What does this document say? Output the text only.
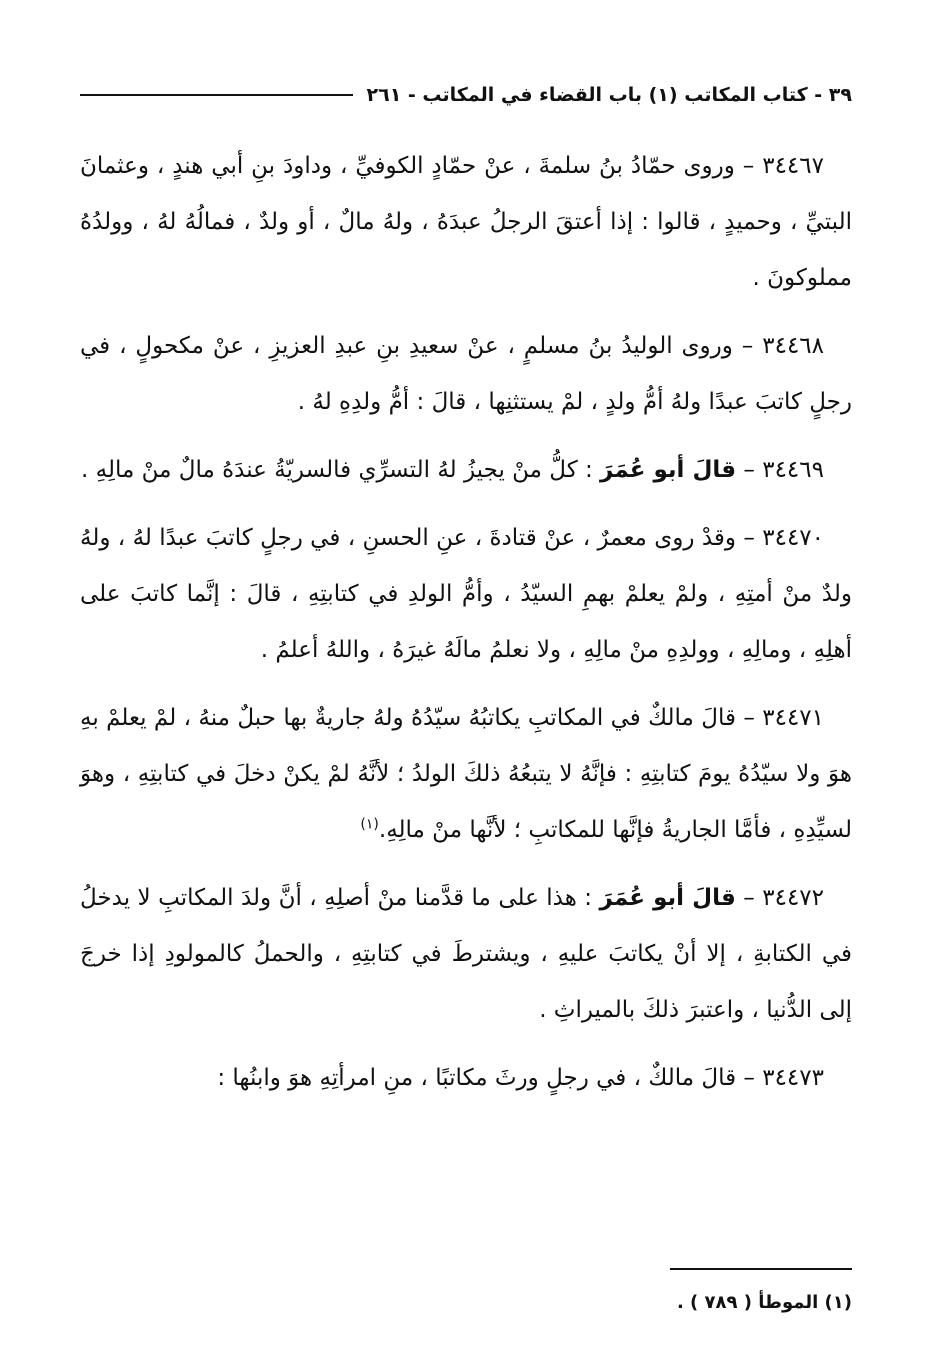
٣٩ - كتاب المكاتب (١) باب القضاء في المكاتب - ٢٦١

٣٤٤٦٧ – وروى حمّادُ بنُ سلمةَ ، عنْ حمّادٍ الكوفيِّ ، وداودَ بنِ أبي هندٍ ، وعثمانَ البتيِّ ، وحميدٍ ، قالوا : إذا أعتقَ الرجلُ عبدَهُ ، ولهُ مالٌ ، أو ولدٌ ، فمالُهُ لهُ ، وولدُهُ مملوكونَ .

٣٤٤٦٨ – وروى الوليدُ بنُ مسلمٍ ، عنْ سعيدِ بنِ عبدِ العزيزِ ، عنْ مكحولٍ ، في رجلٍ كاتبَ عبدًا ولهُ أمُّ ولدٍ ، لمْ يستثنِها ، قالَ : أمُّ ولدِهِ لهُ .

٣٤٤٦٩ – قالَ أبو عُمَرَ : كلُّ منْ يجيزُ لهُ التسرِّي فالسريّةُ عندَهُ مالٌ منْ مالِهِ .

٣٤٤٧٠ – وقدْ روى معمرٌ ، عنْ قتادةَ ، عنِ الحسنِ ، في رجلٍ كاتبَ عبدًا لهُ ، ولهُ ولدٌ منْ أمتِهِ ، ولمْ يعلمْ بهمِ السيّدُ ، وأمُّ الولدِ في كتابتِهِ ، قالَ : إنَّما كاتبَ على أهلِهِ ، ومالِهِ ، وولدِهِ منْ مالِهِ ، ولا نعلمُ مالَهُ غيرَهُ ، واللهُ أعلمُ .

٣٤٤٧١ – قالَ مالكٌ في المكاتبِ يكاتبُهُ سيّدُهُ ولهُ جاريةٌ بها حبلٌ منهُ ، لمْ يعلمْ بهِ هوَ ولا سيّدُهُ يومَ كتابتِهِ : فإنَّهُ لا يتبعُهُ ذلكَ الولدُ ؛ لأنَّهُ لمْ يكنْ دخلَ في كتابتِهِ ، وهوَ لسيِّدِهِ ، فأمَّا الجاريةُ فإنَّها للمكاتبِ ؛ لأنَّها منْ مالِهِ.$^{(١)}$

٣٤٤٧٢ – قالَ أبو عُمَرَ : هذا على ما قدَّمنا منْ أصلِهِ ، أنَّ ولدَ المكاتبِ لا يدخلُ في الكتابةِ ، إلا أنْ يكاتبَ عليهِ ، ويشترطَ في كتابتِهِ ، والحملُ كالمولودِ إذا خرجَ إلى الدُّنيا ، واعتبرَ ذلكَ بالميراثِ .

٣٤٤٧٣ – قالَ مالكٌ ، في رجلٍ ورثَ مكاتبًا ، منِ امرأتِهِ هوَ وابنُها :

(١) الموطأ ( ٧٨٩ ) .
